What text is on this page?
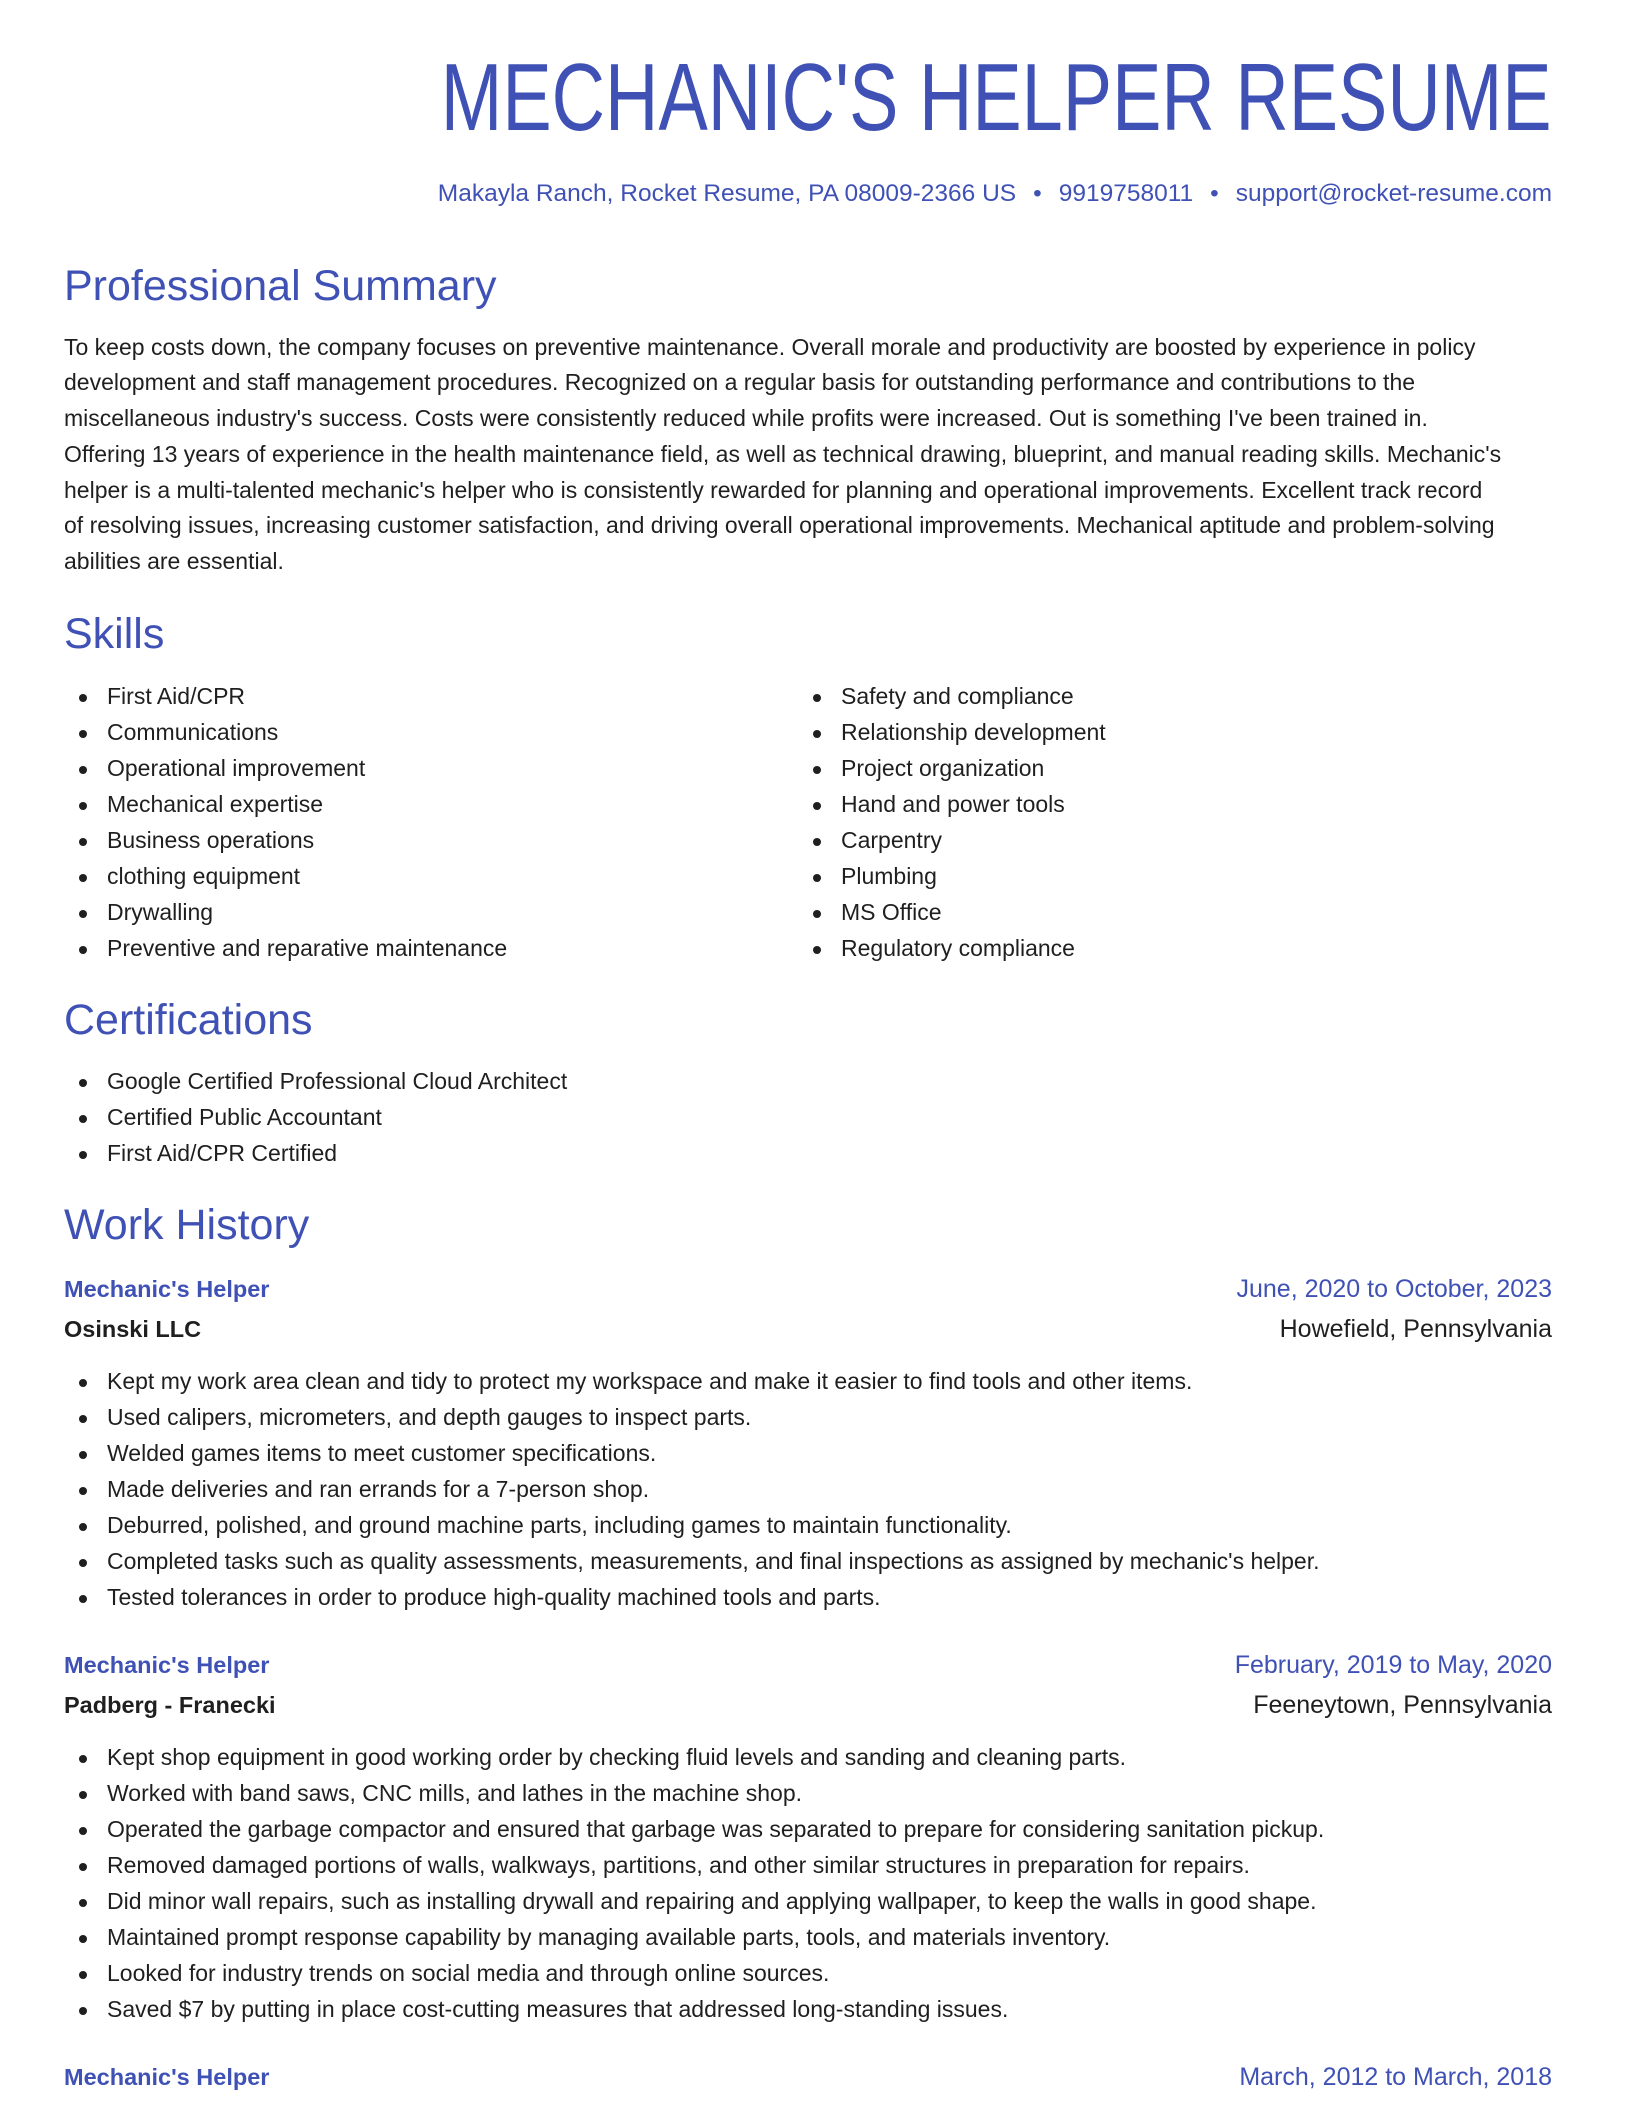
MECHANIC'S HELPER RESUME
Makayla Ranch, Rocket Resume, PA 08009-2366 US • 9919758011 • support@rocket-resume.com
Professional Summary
To keep costs down, the company focuses on preventive maintenance. Overall morale and productivity are boosted by experience in policy
development and staff management procedures. Recognized on a regular basis for outstanding performance and contributions to the
miscellaneous industry's success. Costs were consistently reduced while profits were increased. Out is something I've been trained in.
Offering 13 years of experience in the health maintenance field, as well as technical drawing, blueprint, and manual reading skills. Mechanic's
helper is a multi-talented mechanic's helper who is consistently rewarded for planning and operational improvements. Excellent track record
of resolving issues, increasing customer satisfaction, and driving overall operational improvements. Mechanical aptitude and problem-solving
abilities are essential.
Skills
First Aid/CPR
Communications
Operational improvement
Mechanical expertise
Business operations
clothing equipment
Drywalling
Preventive and reparative maintenance
Safety and compliance
Relationship development
Project organization
Hand and power tools
Carpentry
Plumbing
MS Office
Regulatory compliance
Certifications
Google Certified Professional Cloud Architect
Certified Public Accountant
First Aid/CPR Certified
Work History
Mechanic's Helper	June, 2020 to October, 2023
Osinski LLC	Howefield, Pennsylvania
Kept my work area clean and tidy to protect my workspace and make it easier to find tools and other items.
Used calipers, micrometers, and depth gauges to inspect parts.
Welded games items to meet customer specifications.
Made deliveries and ran errands for a 7-person shop.
Deburred, polished, and ground machine parts, including games to maintain functionality.
Completed tasks such as quality assessments, measurements, and final inspections as assigned by mechanic's helper.
Tested tolerances in order to produce high-quality machined tools and parts.
Mechanic's Helper	February, 2019 to May, 2020
Padberg - Franecki	Feeneytown, Pennsylvania
Kept shop equipment in good working order by checking fluid levels and sanding and cleaning parts.
Worked with band saws, CNC mills, and lathes in the machine shop.
Operated the garbage compactor and ensured that garbage was separated to prepare for considering sanitation pickup.
Removed damaged portions of walls, walkways, partitions, and other similar structures in preparation for repairs.
Did minor wall repairs, such as installing drywall and repairing and applying wallpaper, to keep the walls in good shape.
Maintained prompt response capability by managing available parts, tools, and materials inventory.
Looked for industry trends on social media and through online sources.
Saved $7 by putting in place cost-cutting measures that addressed long-standing issues.
Mechanic's Helper	March, 2012 to March, 2018
